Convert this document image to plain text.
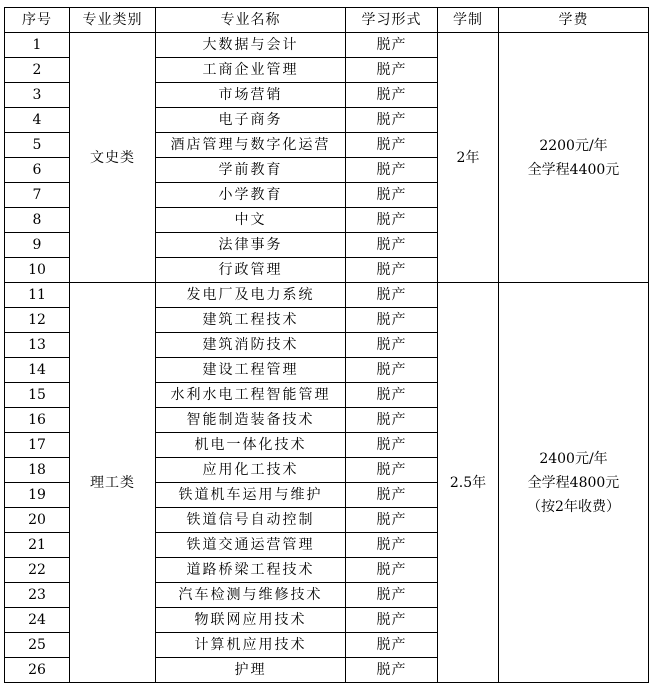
序号	专业类别	专业名称	学习形式	学制	学费
1	文史类	大数据与会计	脱产	2年	2200元/年
全学程4400元

2		工商企业管理	脱产		
3		市场营销	脱产		
4		电子商务	脱产		
5		酒店管理与数字化运营	脱产		
6		学前教育	脱产		
7		小学教育	脱产		
8		中文	脱产		
9		法律事务	脱产		
10		行政管理	脱产		
11	理工类	发电厂及电力系统	脱产	2.5年	2400元/年
全学程4800元
（按2年收费）

12		建筑工程技术	脱产		
13		建筑消防技术	脱产		
14		建设工程管理	脱产		
15		水利水电工程智能管理	脱产		
16		智能制造装备技术	脱产		
17		机电一体化技术	脱产		
18		应用化工技术	脱产		
19		铁道机车运用与维护	脱产		
20		铁道信号自动控制	脱产		
21		铁道交通运营管理	脱产		
22		道路桥梁工程技术	脱产		
23		汽车检测与维修技术	脱产		
24		物联网应用技术	脱产		
25		计算机应用技术	脱产		
26		护理	脱产		
